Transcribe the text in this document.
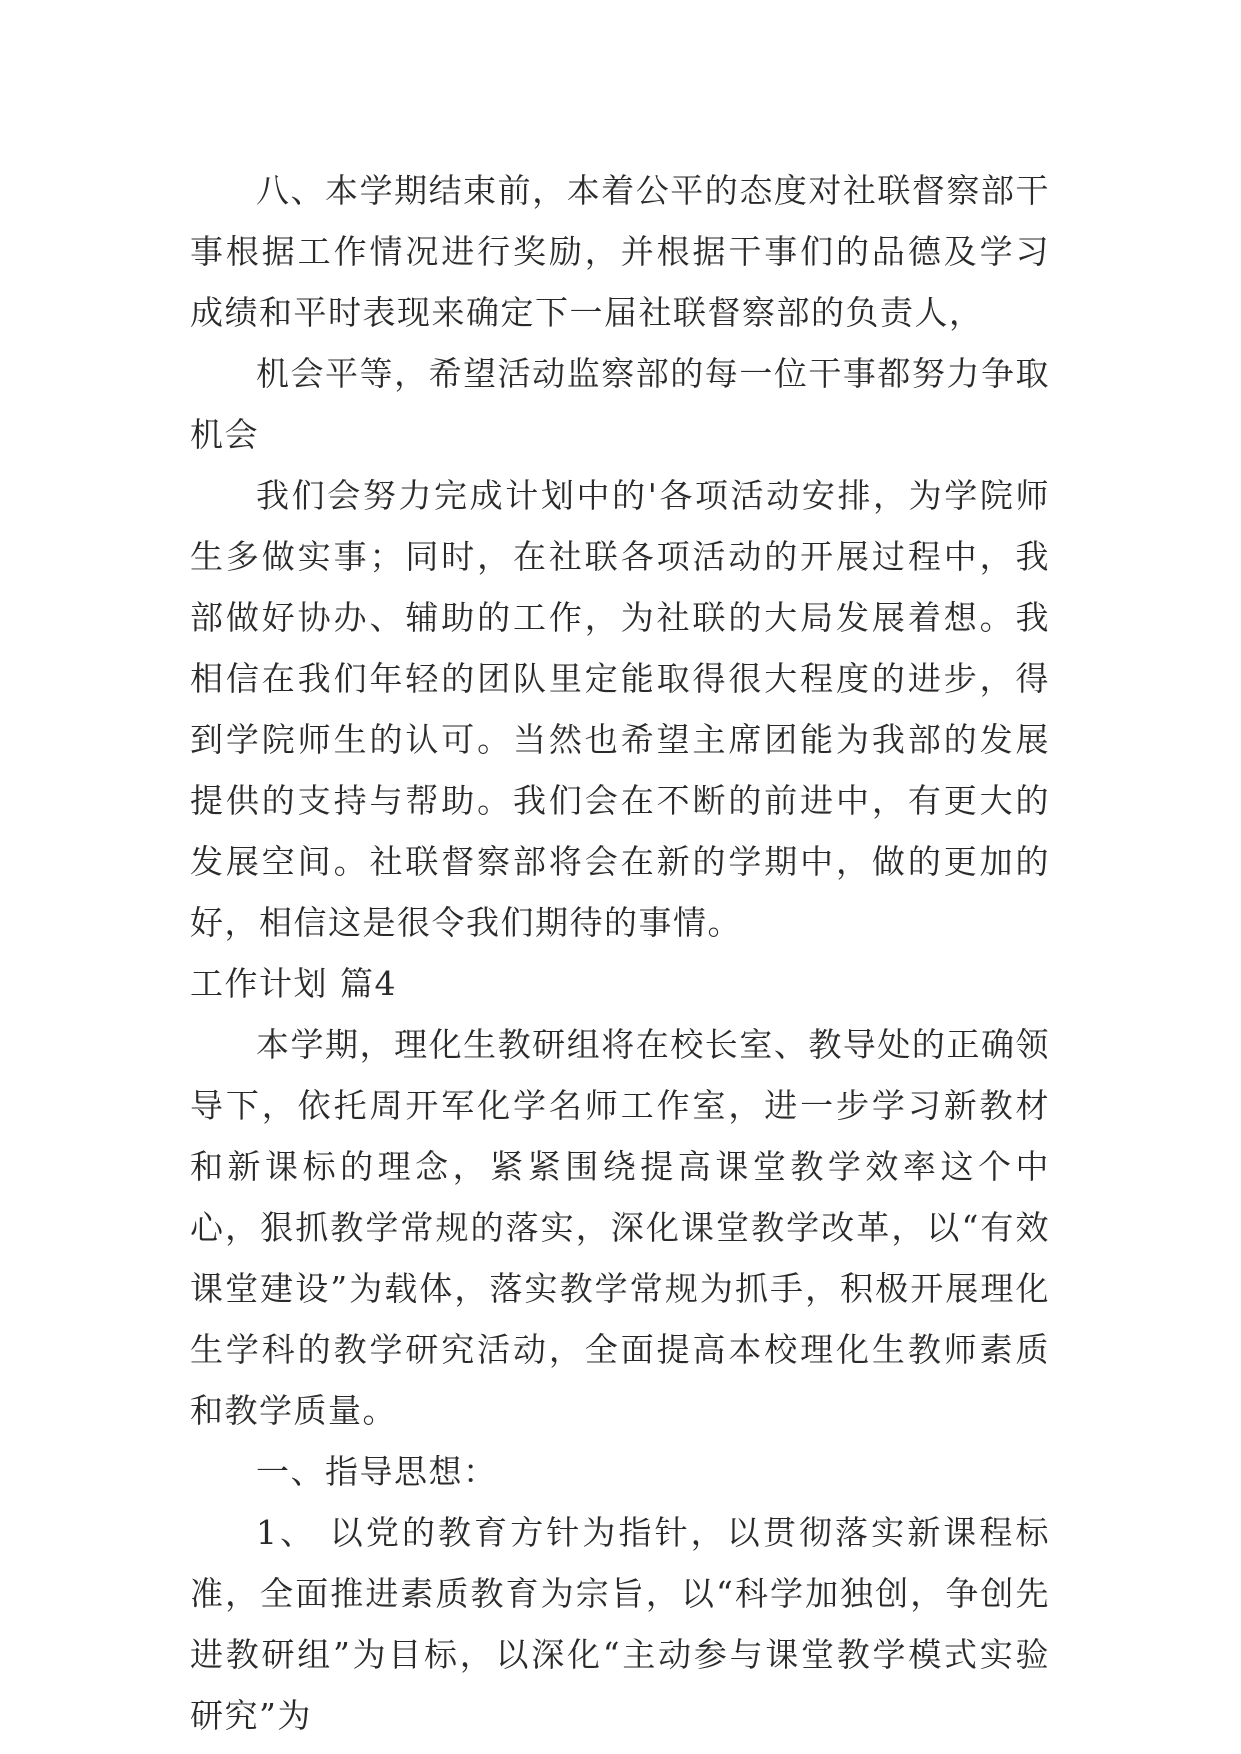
八、本学期结束前，本着公平的态度对社联督察部干事根据工作情况进行奖励，并根据干事们的品德及学习成绩和平时表现来确定下一届社联督察部的负责人，

机会平等，希望活动监察部的每一位干事都努力争取机会

我们会努力完成计划中的'各项活动安排，为学院师生多做实事；同时，在社联各项活动的开展过程中，我部做好协办、辅助的工作，为社联的大局发展着想。我相信在我们年轻的团队里定能取得很大程度的进步，得到学院师生的认可。当然也希望主席团能为我部的发展提供的支持与帮助。我们会在不断的前进中，有更大的发展空间。社联督察部将会在新的学期中，做的更加的好，相信这是很令我们期待的事情。

工作计划 篇4

本学期，理化生教研组将在校长室、教导处的正确领导下，依托周开军化学名师工作室，进一步学习新教材和新课标的理念，紧紧围绕提高课堂教学效率这个中心，狠抓教学常规的落实，深化课堂教学改革，以“有效课堂建设”为载体，落实教学常规为抓手，积极开展理化生学科的教学研究活动，全面提高本校理化生教师素质和教学质量。

一、指导思想：

1、 以党的教育方针为指针，以贯彻落实新课程标准，全面推进素质教育为宗旨，以“科学加独创，争创先进教研组”为目标，以深化“主动参与课堂教学模式实验研究”为
